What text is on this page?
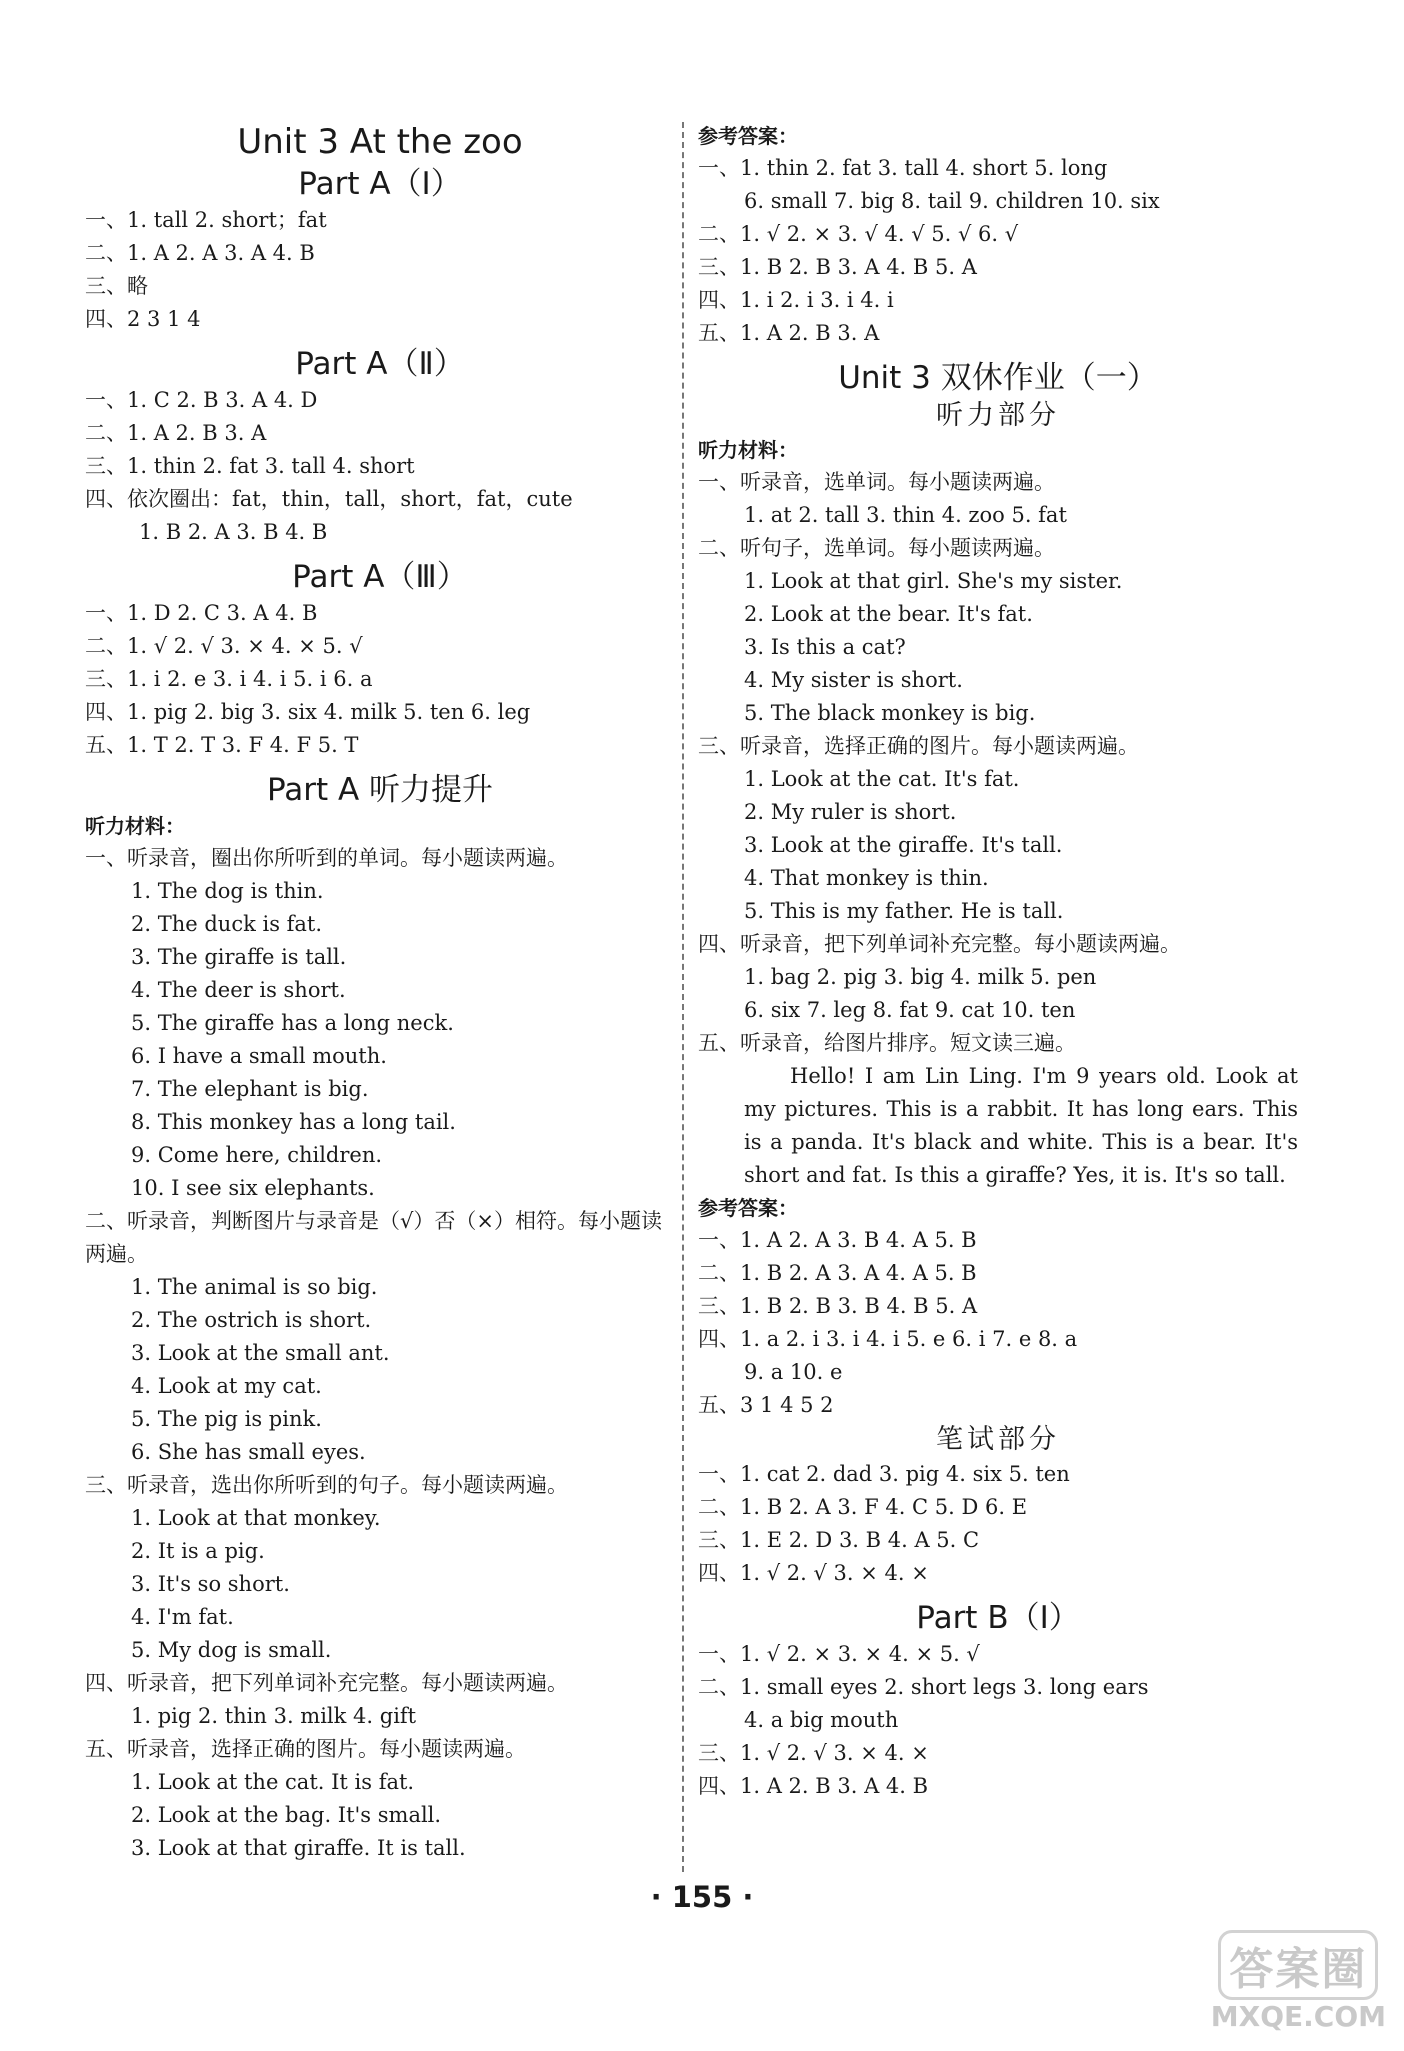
Unit 3 At the zoo
Part A（Ⅰ）
一、1. tall 2. short；fat
二、1. A 2. A 3. A 4. B
三、略
四、2 3 1 4
Part A（Ⅱ）
一、1. C 2. B 3. A 4. D
二、1. A 2. B 3. A
三、1. thin 2. fat 3. tall 4. short
四、依次圈出：fat，thin，tall，short，fat，cute
1. B 2. A 3. B 4. B
Part A（Ⅲ）
一、1. D 2. C 3. A 4. B
二、1. √ 2. √ 3. × 4. × 5. √
三、1. i 2. e 3. i 4. i 5. i 6. a
四、1. pig 2. big 3. six 4. milk 5. ten 6. leg
五、1. T 2. T 3. F 4. F 5. T
Part A 听力提升
听力材料：
一、听录音，圈出你所听到的单词。每小题读两遍。
1. The dog is thin.
2. The duck is fat.
3. The giraffe is tall.
4. The deer is short.
5. The giraffe has a long neck.
6. I have a small mouth.
7. The elephant is big.
8. This monkey has a long tail.
9. Come here, children.
10. I see six elephants.
二、听录音，判断图片与录音是（√）否（×）相符。每小题读两遍。
1. The animal is so big.
2. The ostrich is short.
3. Look at the small ant.
4. Look at my cat.
5. The pig is pink.
6. She has small eyes.
三、听录音，选出你所听到的句子。每小题读两遍。
1. Look at that monkey.
2. It is a pig.
3. It's so short.
4. I'm fat.
5. My dog is small.
四、听录音，把下列单词补充完整。每小题读两遍。
1. pig 2. thin 3. milk 4. gift
五、听录音，选择正确的图片。每小题读两遍。
1. Look at the cat. It is fat.
2. Look at the bag. It's small.
3. Look at that giraffe. It is tall.
参考答案：
一、1. thin 2. fat 3. tall 4. short 5. long
6. small 7. big 8. tail 9. children 10. six
二、1. √ 2. × 3. √ 4. √ 5. √ 6. √
三、1. B 2. B 3. A 4. B 5. A
四、1. i 2. i 3. i 4. i
五、1. A 2. B 3. A
Unit 3 双休作业（一）
听力部分
听力材料：
一、听录音，选单词。每小题读两遍。
1. at 2. tall 3. thin 4. zoo 5. fat
二、听句子，选单词。每小题读两遍。
1. Look at that girl. She's my sister.
2. Look at the bear. It's fat.
3. Is this a cat?
4. My sister is short.
5. The black monkey is big.
三、听录音，选择正确的图片。每小题读两遍。
1. Look at the cat. It's fat.
2. My ruler is short.
3. Look at the giraffe. It's tall.
4. That monkey is thin.
5. This is my father. He is tall.
四、听录音，把下列单词补充完整。每小题读两遍。
1. bag 2. pig 3. big 4. milk 5. pen
6. six 7. leg 8. fat 9. cat 10. ten
五、听录音，给图片排序。短文读三遍。
Hello! I am Lin Ling. I'm 9 years old. Look at my pictures. This is a rabbit. It has long ears. This is a panda. It's black and white. This is a bear. It's short and fat. Is this a giraffe? Yes, it is. It's so tall.
参考答案：
一、1. A 2. A 3. B 4. A 5. B
二、1. B 2. A 3. A 4. A 5. B
三、1. B 2. B 3. B 4. B 5. A
四、1. a 2. i 3. i 4. i 5. e 6. i 7. e 8. a
9. a 10. e
五、3 1 4 5 2
笔试部分
一、1. cat 2. dad 3. pig 4. six 5. ten
二、1. B 2. A 3. F 4. C 5. D 6. E
三、1. E 2. D 3. B 4. A 5. C
四、1. √ 2. √ 3. × 4. ×
Part B（Ⅰ）
一、1. √ 2. × 3. × 4. × 5. √
二、1. small eyes 2. short legs 3. long ears
4. a big mouth
三、1. √ 2. √ 3. × 4. ×
四、1. A 2. B 3. A 4. B
· 155 ·
答案圈
MXQE.COM
